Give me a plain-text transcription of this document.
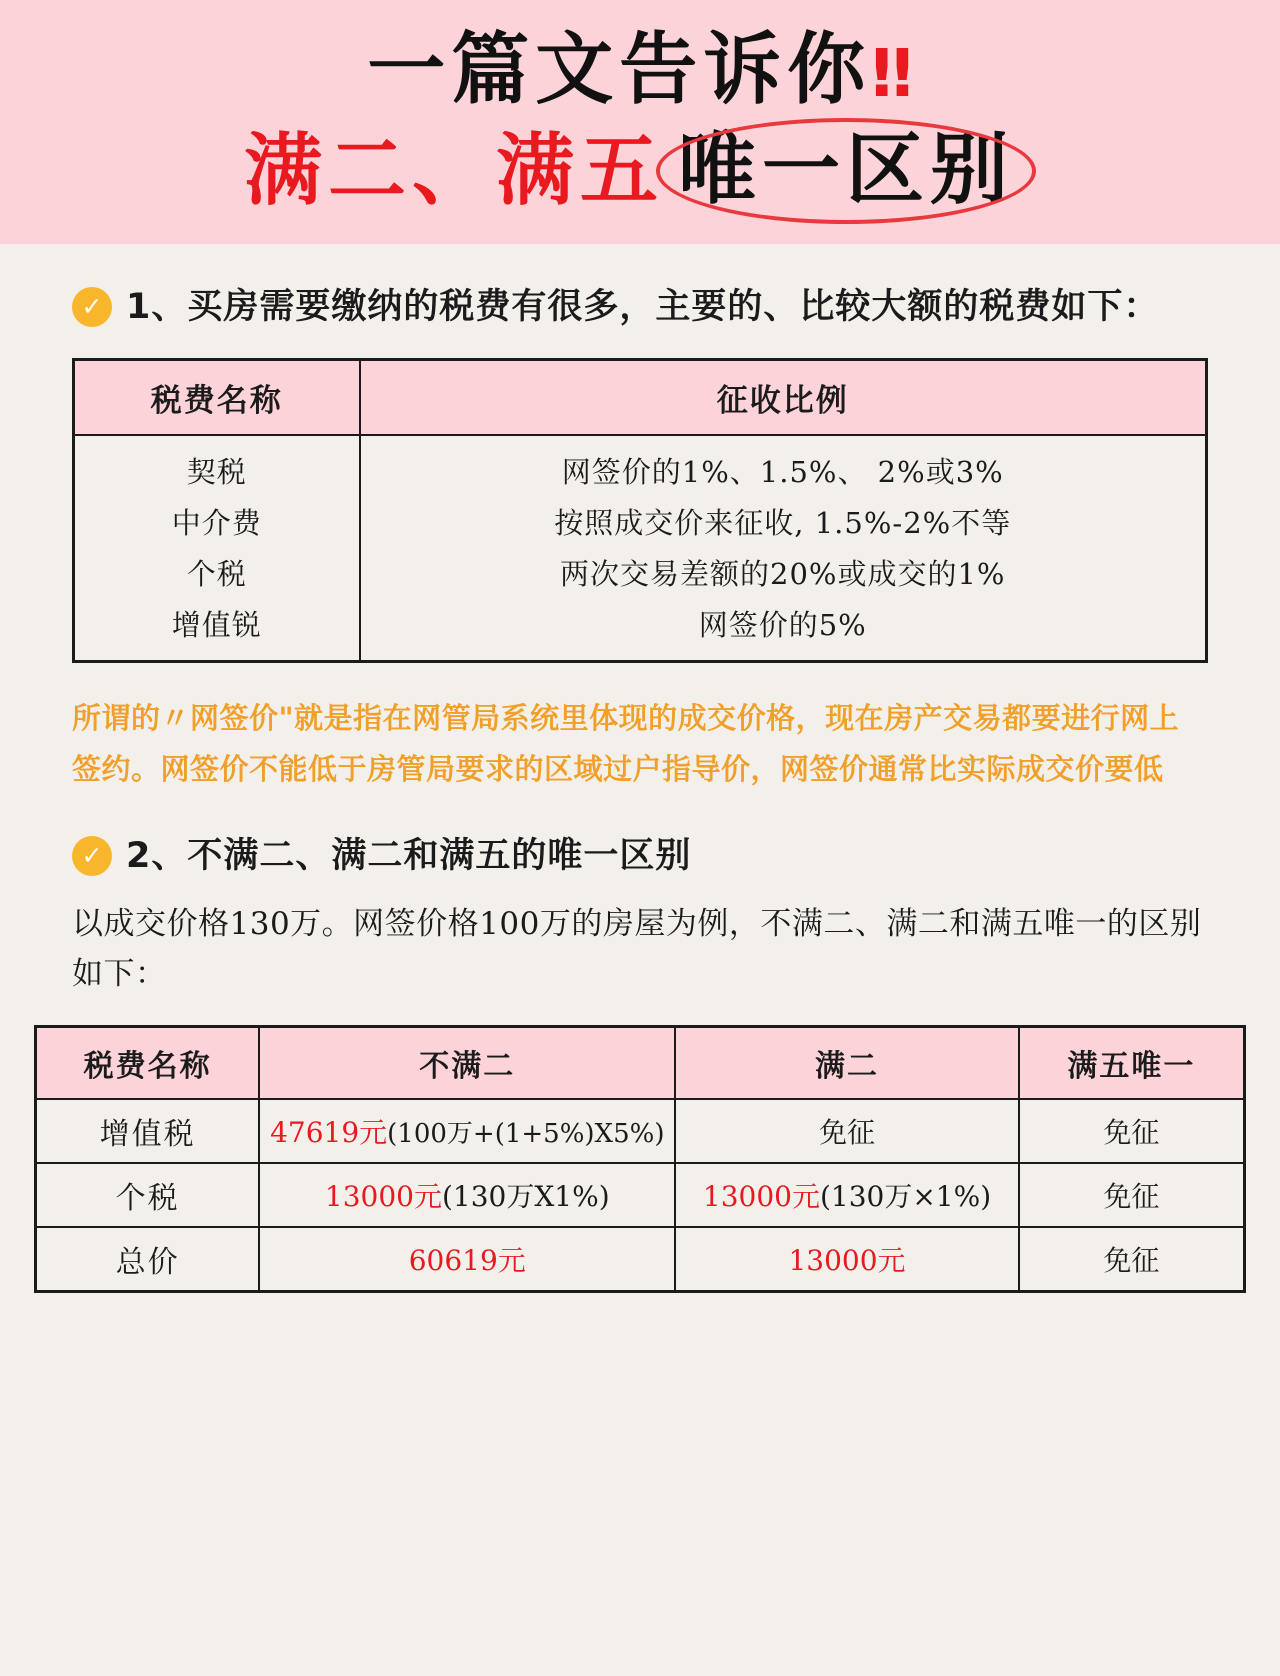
一篇文告诉你‼
满二、满五 唯一区别
✓ 1、买房需要缴纳的税费有很多，主要的、比较大额的税费如下：
税费名称	征收比例
契税	网签价的1%、1.5%、 2%或3%
中介费	按照成交价来征收, 1.5%-2%不等
个税	两次交易差额的20%或成交的1%
增值锐	网签价的5%
所谓的〃网签价"就是指在网管局系统里体现的成交价格，现在房产交易都要进行网上签约。网签价不能低于房管局要求的区域过户指导价，网签价通常比实际成交价要低
✓ 2、不满二、满二和满五的唯一区别
以成交价格130万。网签价格100万的房屋为例，不满二、满二和满五唯一的区别如下：
税费名称	不满二	满二	满五唯一
增值税	47619元(100万+(1+5%)X5%)	免征	免征
个税	13000元(130万X1%)	13000元(130万×1%)	免征
总价	60619元	13000元	免征
